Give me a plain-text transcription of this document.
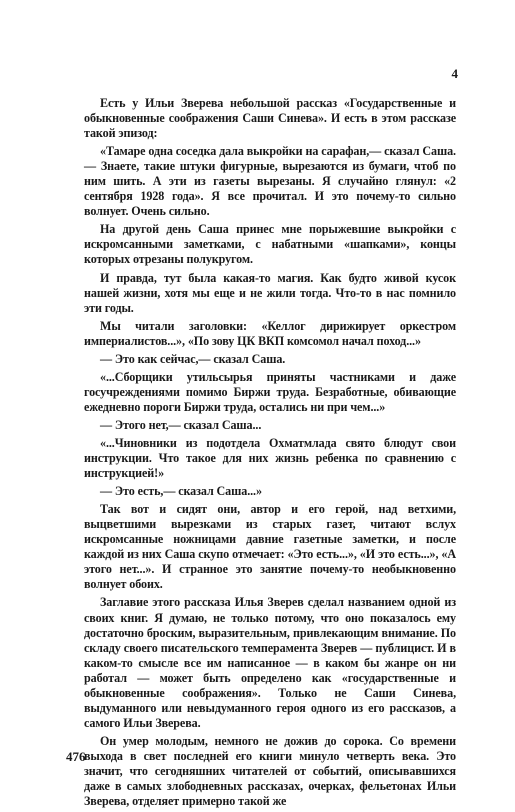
4

Есть у Ильи Зверева небольшой рассказ «Государственные и обыкновенные соображения Саши Синева». И есть в этом рассказе такой эпизод:

«Тамаре одна соседка дала выкройки на сарафан,— сказал Саша.— Знаете, такие штуки фигурные, вырезаются из бумаги, чтоб по ним шить. А эти из газеты вырезаны. Я случайно глянул: «2 сентября 1928 года». Я все прочитал. И это почему-то сильно волнует. Очень сильно.

На другой день Саша принес мне порыжевшие выкройки с искромсанными заметками, с набатными «шапками», концы которых отрезаны полукругом.

И правда, тут была какая-то магия. Как будто живой кусок нашей жизни, хотя мы еще и не жили тогда. Что-то в нас помнило эти годы.

Мы читали заголовки: «Келлог дирижирует оркестром империалистов...», «По зову ЦК ВКП комсомол начал поход...»

— Это как сейчас,— сказал Саша.

«...Сборщики утильсырья приняты частниками и даже госучреждениями помимо Биржи труда. Безработные, обивающие ежедневно пороги Биржи труда, остались ни при чем...»

— Этого нет,— сказал Саша...

«...Чиновники из подотдела Охматмлада свято блюдут свои инструкции. Что такое для них жизнь ребенка по сравнению с инструкцией!»

— Это есть,— сказал Саша...»

Так вот и сидят они, автор и его герой, над ветхими, выцветшими вырезками из старых газет, читают вслух искромсанные ножницами давние газетные заметки, и после каждой из них Саша скупо отмечает: «Это есть...», «И это есть...», «А этого нет...». И странное это занятие почему-то необыкновенно волнует обоих.

Заглавие этого рассказа Илья Зверев сделал названием одной из своих книг. Я думаю, не только потому, что оно показалось ему достаточно броским, выразительным, привлекающим внимание. По складу своего писательского темперамента Зверев — публицист. И в каком-то смысле все им написанное — в каком бы жанре он ни работал — может быть определено как «государственные и обыкновенные соображения». Только не Саши Синева, выдуманного или невыдуманного героя одного из его рассказов, а самого Ильи Зверева.

Он умер молодым, немного не дожив до сорока. Со времени выхода в свет последней его книги минуло четверть века. Это значит, что сегодняшних читателей от событий, описывавшихся даже в самых злободневных рассказах, очерках, фельетонах Ильи Зверева, отделяет примерно такой же

476
